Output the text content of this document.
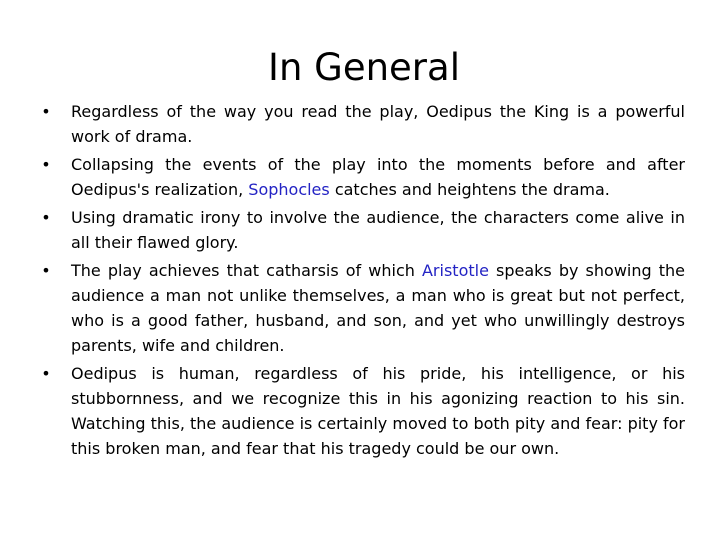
In General
• Regardless of the way you read the play, Oedipus the King is a powerful work of drama.
• Collapsing the events of the play into the moments before and after Oedipus's realization, Sophocles catches and heightens the drama.
• Using dramatic irony to involve the audience, the characters come alive in all their flawed glory.
• The play achieves that catharsis of which Aristotle speaks by showing the audience a man not unlike themselves, a man who is great but not perfect, who is a good father, husband, and son, and yet who unwillingly destroys parents, wife and children.
• Oedipus is human, regardless of his pride, his intelligence, or his stubbornness, and we recognize this in his agonizing reaction to his sin. Watching this, the audience is certainly moved to both pity and fear: pity for this broken man, and fear that his tragedy could be our own.
